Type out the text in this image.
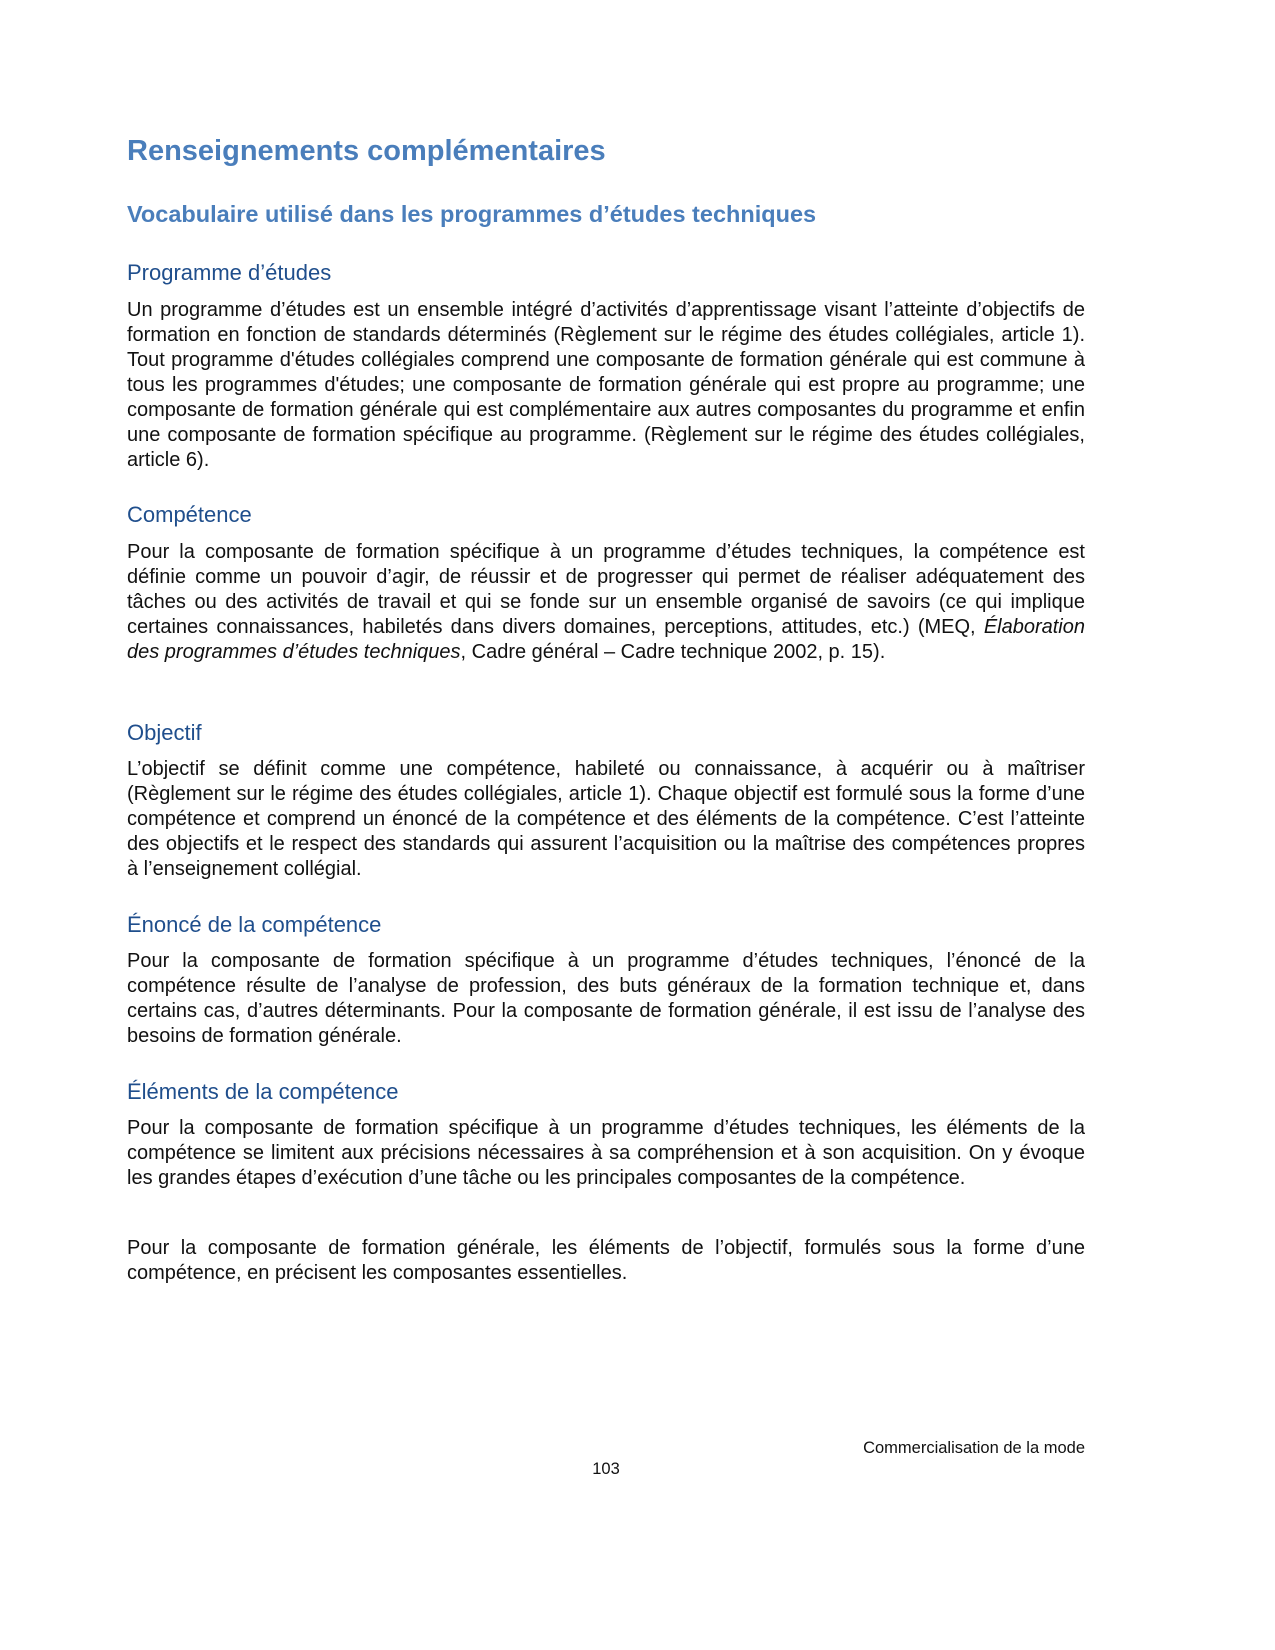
Renseignements complémentaires
Vocabulaire utilisé dans les programmes d’études techniques
Programme d’études

Un programme d’études est un ensemble intégré d’activités d’apprentissage visant l’atteinte d’objectifs de formation en fonction de standards déterminés (Règlement sur le régime des études collégiales, article 1). Tout programme d'études collégiales comprend une composante de formation générale qui est commune à tous les programmes d'études; une composante de formation générale qui est propre au programme; une composante de formation générale qui est complémentaire aux autres composantes du programme et enfin une composante de formation spécifique au programme. (Règlement sur le régime des études collégiales, article 6).

Compétence

Pour la composante de formation spécifique à un programme d’études techniques, la compétence est définie comme un pouvoir d’agir, de réussir et de progresser qui permet de réaliser adéquatement des tâches ou des activités de travail et qui se fonde sur un ensemble organisé de savoirs (ce qui implique certaines connaissances, habiletés dans divers domaines, perceptions, attitudes, etc.) (MEQ, Élaboration des programmes d’études techniques, Cadre général – Cadre technique 2002, p. 15).

Objectif

L’objectif se définit comme une compétence, habileté ou connaissance, à acquérir ou à maîtriser (Règlement sur le régime des études collégiales, article 1). Chaque objectif est formulé sous la forme d’une compétence et comprend un énoncé de la compétence et des éléments de la compétence. C’est l’atteinte des objectifs et le respect des standards qui assurent l’acquisition ou la maîtrise des compétences propres à l’enseignement collégial.

Énoncé de la compétence

Pour la composante de formation spécifique à un programme d’études techniques, l’énoncé de la compétence résulte de l’analyse de profession, des buts généraux de la formation technique et, dans certains cas, d’autres déterminants. Pour la composante de formation générale, il est issu de l’analyse des besoins de formation générale.

Éléments de la compétence

Pour la composante de formation spécifique à un programme d’études techniques, les éléments de la compétence se limitent aux précisions nécessaires à sa compréhension et à son acquisition. On y évoque les grandes étapes d’exécution d’une tâche ou les principales composantes de la compétence.

Pour la composante de formation générale, les éléments de l’objectif, formulés sous la forme d’une compétence, en précisent les composantes essentielles.

Commercialisation de la mode
103
